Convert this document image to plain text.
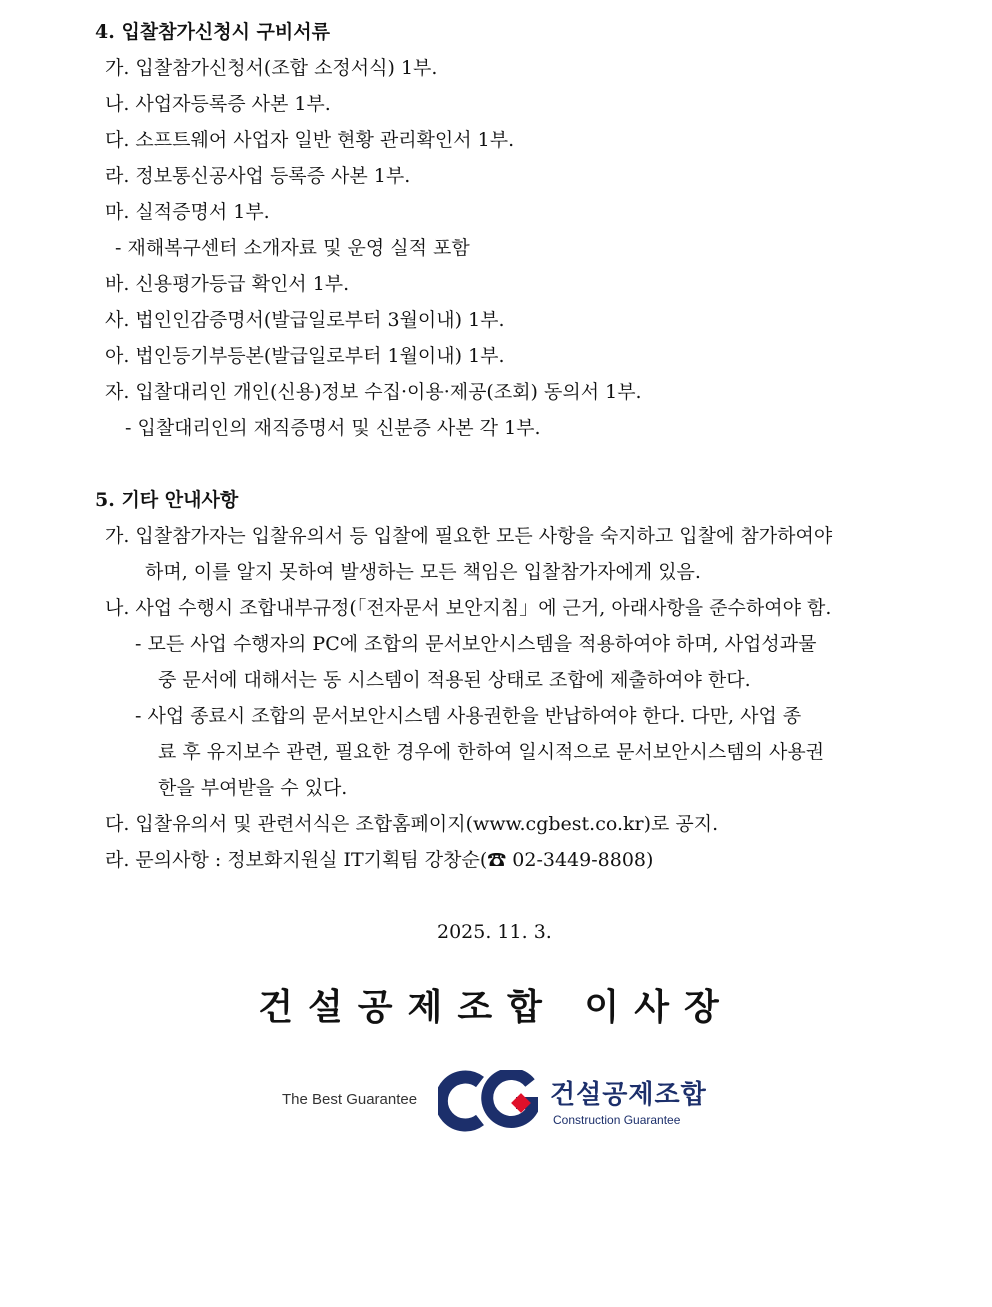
4. 입찰참가신청시 구비서류
가. 입찰참가신청서(조합 소정서식) 1부.
나. 사업자등록증 사본 1부.
다. 소프트웨어 사업자 일반 현황 관리확인서 1부.
라. 정보통신공사업 등록증 사본 1부.
마. 실적증명서 1부.
- 재해복구센터 소개자료 및 운영 실적 포함
바. 신용평가등급 확인서 1부.
사. 법인인감증명서(발급일로부터 3월이내) 1부.
아. 법인등기부등본(발급일로부터 1월이내) 1부.
자. 입찰대리인 개인(신용)정보 수집·이용·제공(조회) 동의서 1부.
- 입찰대리인의 재직증명서 및 신분증 사본 각 1부.
5. 기타 안내사항
가. 입찰참가자는 입찰유의서 등 입찰에 필요한 모든 사항을 숙지하고 입찰에 참가하여야
하며, 이를 알지 못하여 발생하는 모든 책임은 입찰참가자에게 있음.
나. 사업 수행시 조합내부규정(「전자문서 보안지침」에 근거, 아래사항을 준수하여야 함.
- 모든 사업 수행자의 PC에 조합의 문서보안시스템을 적용하여야 하며, 사업성과물
중 문서에 대해서는 동 시스템이 적용된 상태로 조합에 제출하여야 한다.
- 사업 종료시 조합의 문서보안시스템 사용권한을 반납하여야 한다. 다만, 사업 종
료 후 유지보수 관련, 필요한 경우에 한하여 일시적으로 문서보안시스템의 사용권
한을 부여받을 수 있다.
다. 입찰유의서 및 관련서식은 조합홈페이지(www.cgbest.co.kr)로 공지.
라. 문의사항 : 정보화지원실 IT기획팀 강창순(☎ 02-3449-8808)
2025. 11. 3.
건설공제조합 이사장
The Best Guarantee	건설공제조합
Construction Guarantee
